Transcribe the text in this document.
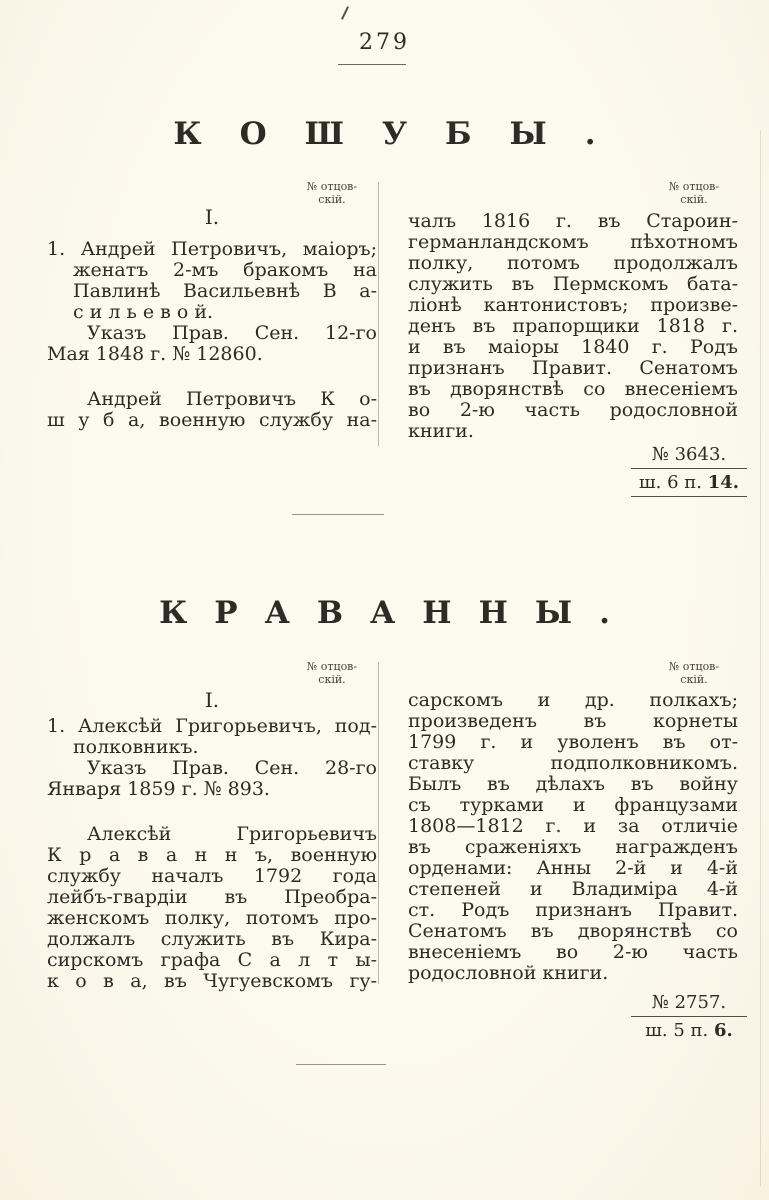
279
КОШУБЫ.
№ отцов-
скій.
№ отцов-
скій.
I.
1. Андрей Петровичъ, маіоръ;
женатъ 2-мъ бракомъ на
Павлинѣ Васильевнѣ В а-
с и л ь е в о й.
Указъ Прав. Сен. 12-го
Мая 1848 г. № 12860.
Андрей Петровичъ К о-
ш у б а, военную службу на-
чалъ 1816 г. въ Староин-
германландскомъ пѣхотномъ
полку, потомъ продолжалъ
служить въ Пермскомъ бата-
ліонѣ кантонистовъ; произве-
денъ въ прапорщики 1818 г.
и въ маіоры 1840 г. Родъ
признанъ Правит. Сенатомъ
въ дворянствѣ со внесеніемъ
во 2-ю часть родословной
книги.
№ 3643.
ш. 6 п. 14.
КРАВАННЫ.
№ отцов-
скій.
№ отцов-
скій.
I.
1. Алексѣй Григорьевичъ, под-
полковникъ.
Указъ Прав. Сен. 28-го
Января 1859 г. № 893.
Алексѣй Григорьевичъ
К р а в а н н ъ, военную
службу началъ 1792 года
лейбъ-гвардіи въ Преобра-
женскомъ полку, потомъ про-
должалъ служить въ Кира-
сирскомъ графа С а л т ы-
к о в а, въ Чугуевскомъ гу-
сарскомъ и др. полкахъ;
произведенъ въ корнеты
1799 г. и уволенъ въ от-
ставку подполковникомъ.
Былъ въ дѣлахъ въ войну
съ турками и французами
1808—1812 г. и за отличіе
въ сраженіяхъ награжденъ
орденами: Анны 2-й и 4-й
степеней и Владиміра 4-й
ст. Родъ признанъ Правит.
Сенатомъ въ дворянствѣ со
внесеніемъ во 2-ю часть
родословной книги.
№ 2757.
ш. 5 п. 6.
